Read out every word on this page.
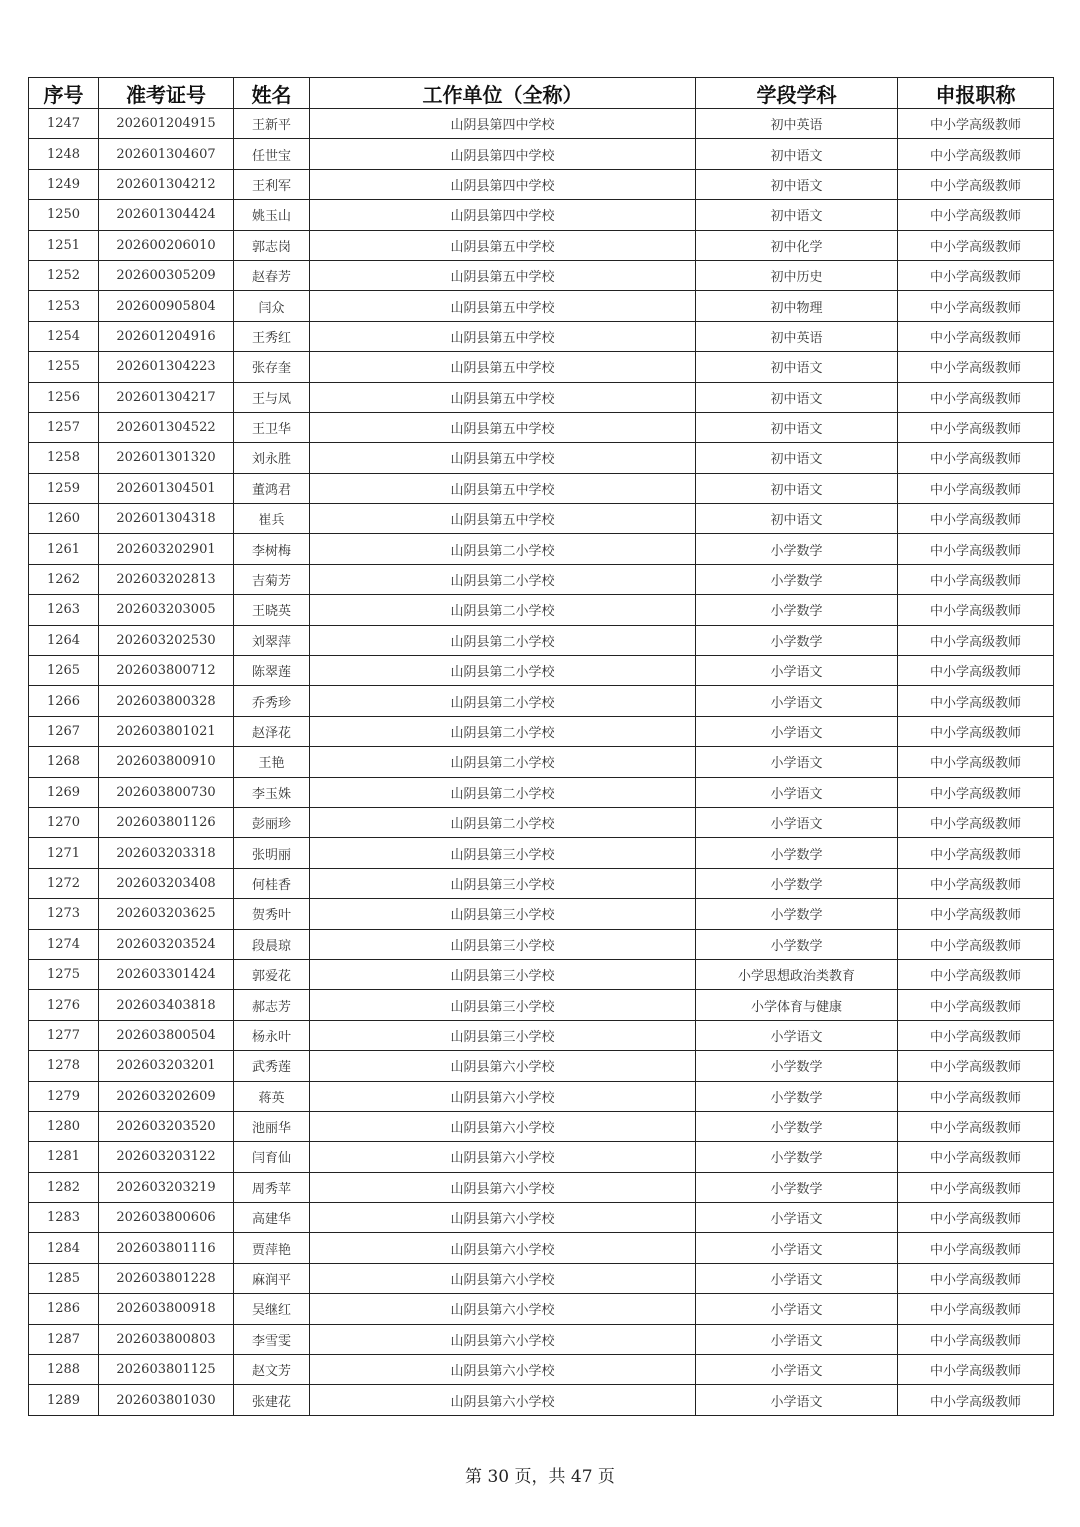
序号	准考证号	姓名	工作单位（全称）	学段学科	申报职称
1247	202601204915	王新平	山阴县第四中学校	初中英语	中小学高级教师
1248	202601304607	任世宝	山阴县第四中学校	初中语文	中小学高级教师
1249	202601304212	王利军	山阴县第四中学校	初中语文	中小学高级教师
1250	202601304424	姚玉山	山阴县第四中学校	初中语文	中小学高级教师
1251	202600206010	郭志岗	山阴县第五中学校	初中化学	中小学高级教师
1252	202600305209	赵春芳	山阴县第五中学校	初中历史	中小学高级教师
1253	202600905804	闫众	山阴县第五中学校	初中物理	中小学高级教师
1254	202601204916	王秀红	山阴县第五中学校	初中英语	中小学高级教师
1255	202601304223	张存奎	山阴县第五中学校	初中语文	中小学高级教师
1256	202601304217	王与凤	山阴县第五中学校	初中语文	中小学高级教师
1257	202601304522	王卫华	山阴县第五中学校	初中语文	中小学高级教师
1258	202601301320	刘永胜	山阴县第五中学校	初中语文	中小学高级教师
1259	202601304501	董鸿君	山阴县第五中学校	初中语文	中小学高级教师
1260	202601304318	崔兵	山阴县第五中学校	初中语文	中小学高级教师
1261	202603202901	李树梅	山阴县第二小学校	小学数学	中小学高级教师
1262	202603202813	吉菊芳	山阴县第二小学校	小学数学	中小学高级教师
1263	202603203005	王晓英	山阴县第二小学校	小学数学	中小学高级教师
1264	202603202530	刘翠萍	山阴县第二小学校	小学数学	中小学高级教师
1265	202603800712	陈翠莲	山阴县第二小学校	小学语文	中小学高级教师
1266	202603800328	乔秀珍	山阴县第二小学校	小学语文	中小学高级教师
1267	202603801021	赵泽花	山阴县第二小学校	小学语文	中小学高级教师
1268	202603800910	王艳	山阴县第二小学校	小学语文	中小学高级教师
1269	202603800730	李玉姝	山阴县第二小学校	小学语文	中小学高级教师
1270	202603801126	彭丽珍	山阴县第二小学校	小学语文	中小学高级教师
1271	202603203318	张明丽	山阴县第三小学校	小学数学	中小学高级教师
1272	202603203408	何桂香	山阴县第三小学校	小学数学	中小学高级教师
1273	202603203625	贺秀叶	山阴县第三小学校	小学数学	中小学高级教师
1274	202603203524	段晨琼	山阴县第三小学校	小学数学	中小学高级教师
1275	202603301424	郭爱花	山阴县第三小学校	小学思想政治类教育	中小学高级教师
1276	202603403818	郝志芳	山阴县第三小学校	小学体育与健康	中小学高级教师
1277	202603800504	杨永叶	山阴县第三小学校	小学语文	中小学高级教师
1278	202603203201	武秀莲	山阴县第六小学校	小学数学	中小学高级教师
1279	202603202609	蒋英	山阴县第六小学校	小学数学	中小学高级教师
1280	202603203520	池丽华	山阴县第六小学校	小学数学	中小学高级教师
1281	202603203122	闫育仙	山阴县第六小学校	小学数学	中小学高级教师
1282	202603203219	周秀苹	山阴县第六小学校	小学数学	中小学高级教师
1283	202603800606	高建华	山阴县第六小学校	小学语文	中小学高级教师
1284	202603801116	贾萍艳	山阴县第六小学校	小学语文	中小学高级教师
1285	202603801228	麻润平	山阴县第六小学校	小学语文	中小学高级教师
1286	202603800918	吴继红	山阴县第六小学校	小学语文	中小学高级教师
1287	202603800803	李雪雯	山阴县第六小学校	小学语文	中小学高级教师
1288	202603801125	赵文芳	山阴县第六小学校	小学语文	中小学高级教师
1289	202603801030	张建花	山阴县第六小学校	小学语文	中小学高级教师
第 30 页，共 47 页
